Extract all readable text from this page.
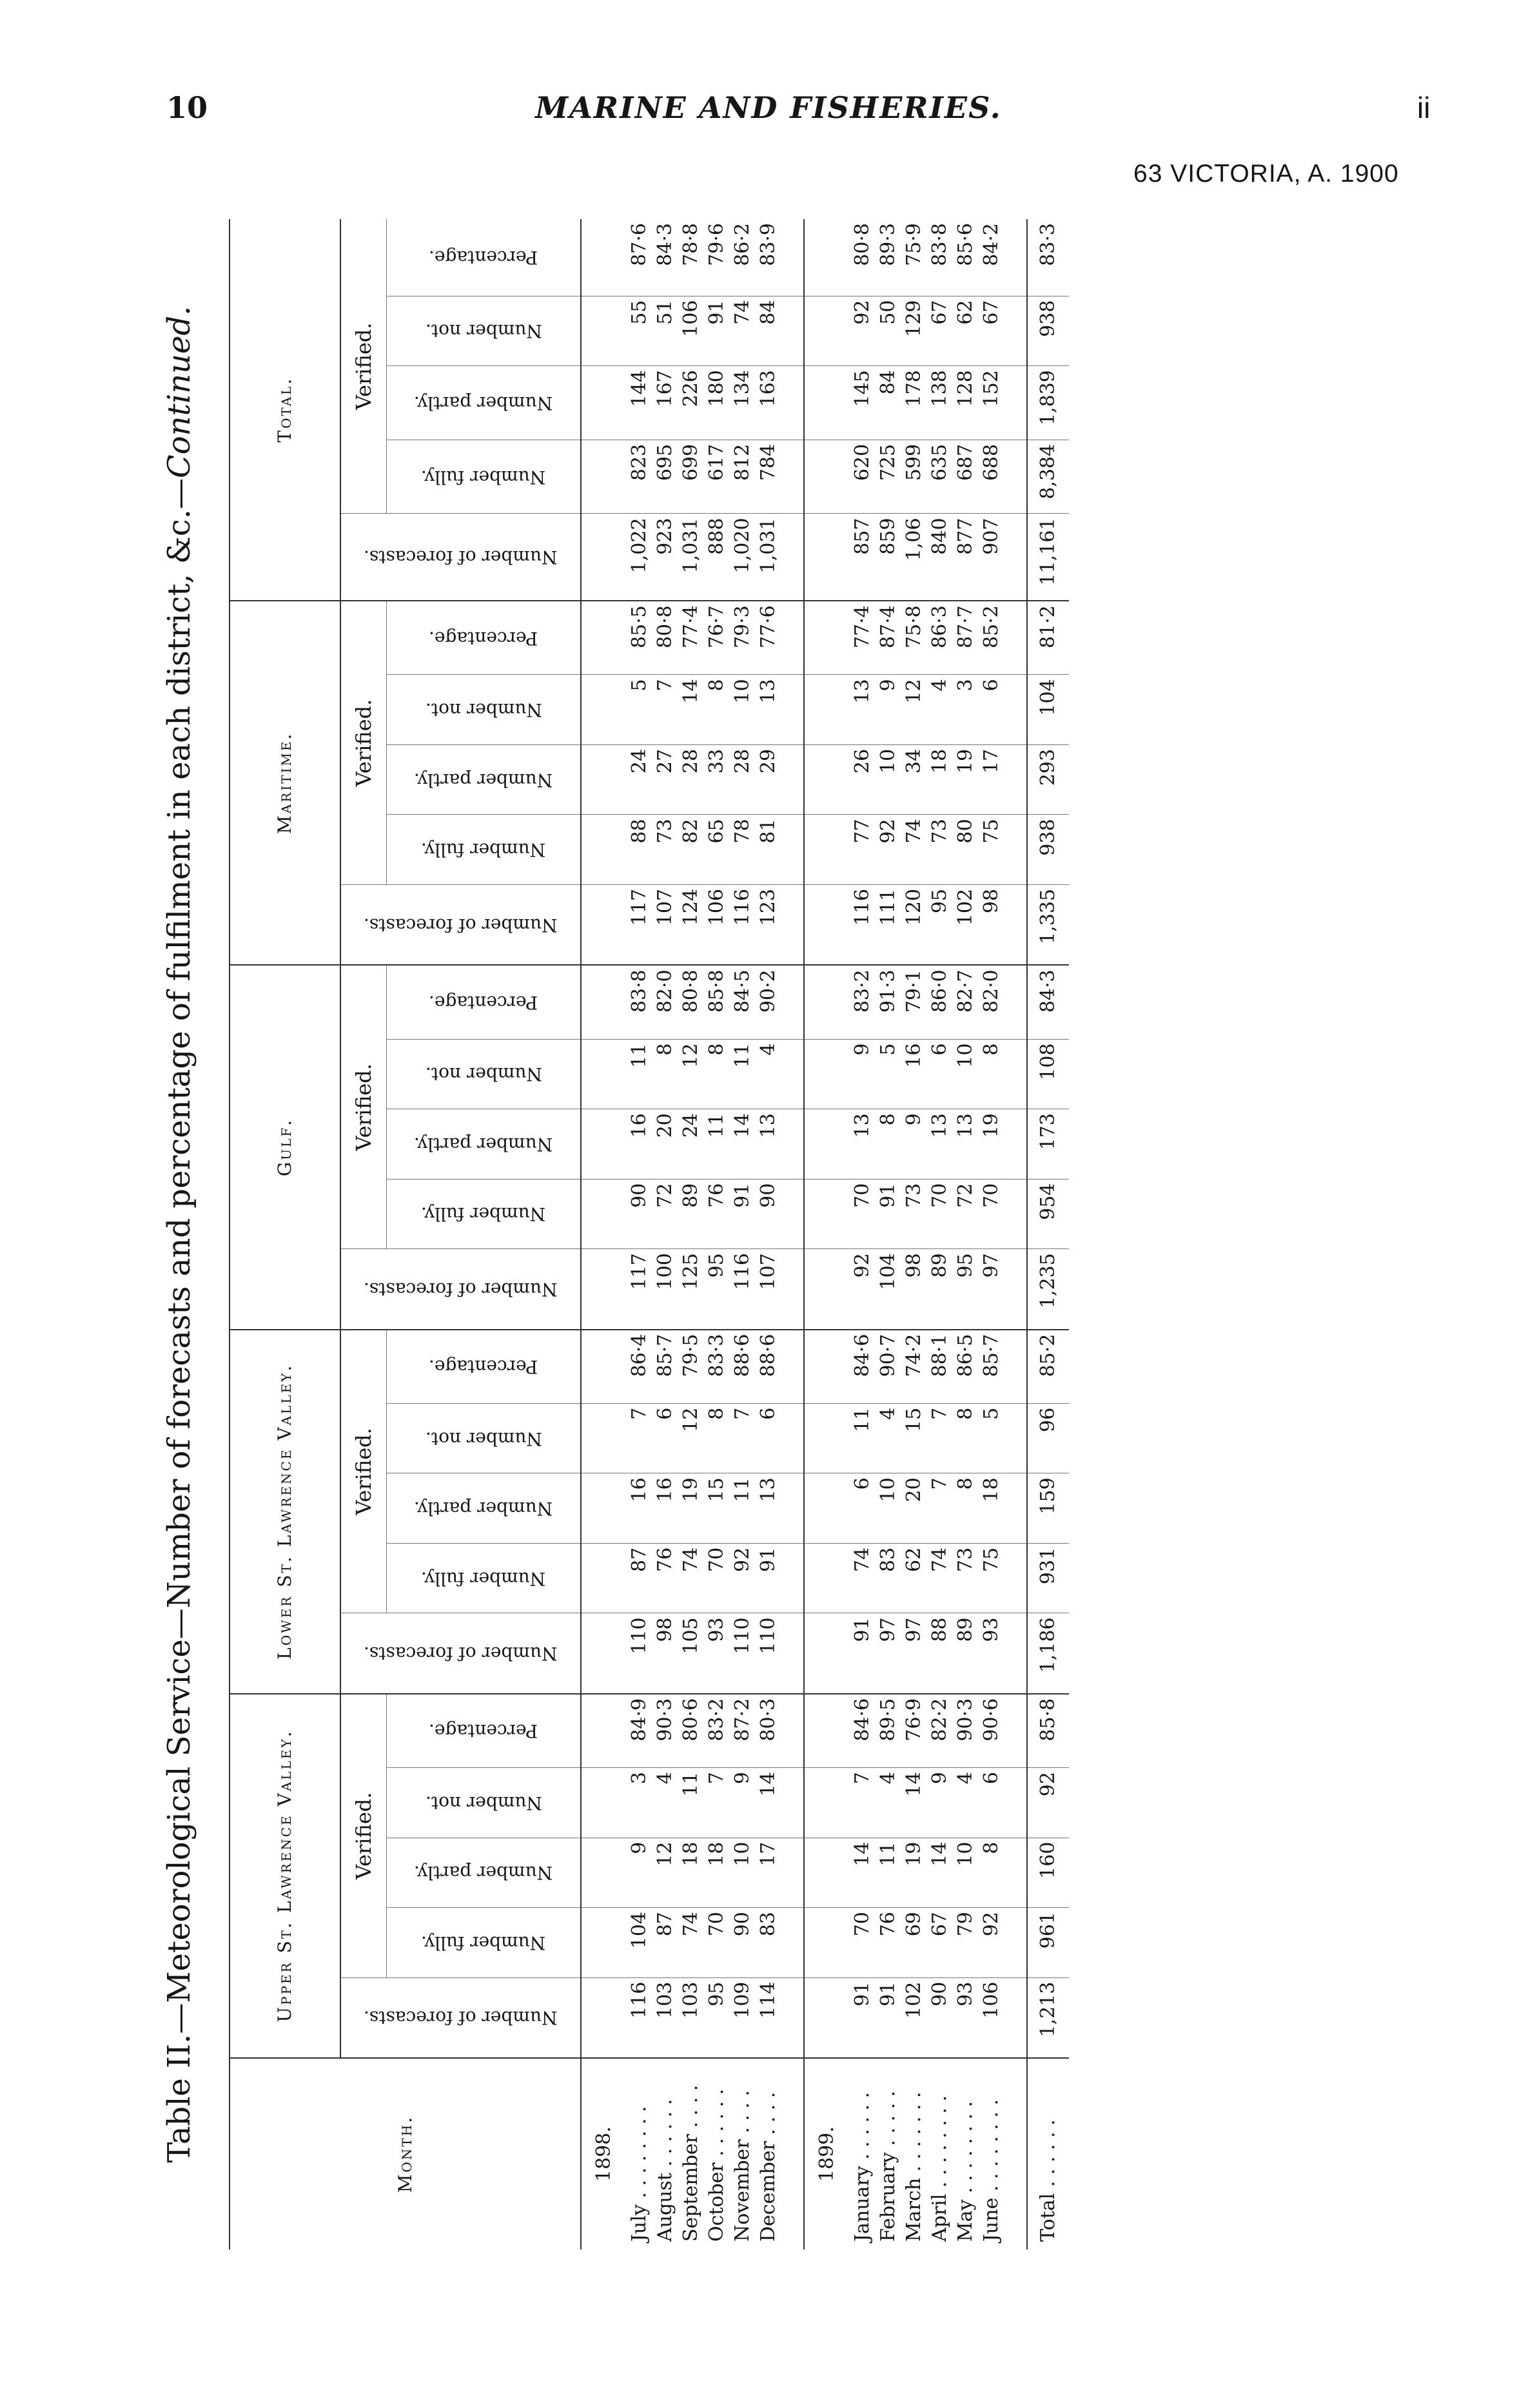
10	MARINE AND FISHERIES.	ii
63 VICTORIA, A. 1900
Table II.—Meteorological Service—Number of forecasts and percentage of fulfilment in each district, &c.—Continued.
Month.	Upper St. Lawrence Valley.					Lower St. Lawrence Valley.					Gulf.					Maritime.					Total.				

	Number of forecasts.	Verified.				Number of forecasts.	Verified.				Number of forecasts.	Verified.				Number of forecasts.	Verified.				Number of forecasts.	Verified.			

		Number fully.	Number partly.	Number not.	Percentage.		Number fully.	Number partly.	Number not.	Percentage.		Number fully.	Number partly.	Number not.	Percentage.		Number fully.	Number partly.	Number not.	Percentage.		Number fully.	Number partly.	Number not.	Percentage.

1898.																									
July . . . . . . . .	116	104	9	3	84·9	110	87	16	7	86·4	117	90	16	11	83·8	117	88	24	5	85·5	1,022	823	144	55	87·6
August . . . . . .	103	87	12	4	90·3	98	76	16	6	85·7	100	72	20	8	82·0	107	73	27	7	80·8	923	695	167	51	84·3
September . . . .	103	74	18	11	80·6	105	74	19	12	79·5	125	89	24	12	80·8	124	82	28	14	77·4	1,031	699	226	106	78·8
October . . . . . .	95	70	18	7	83·2	93	70	15	8	83·3	95	76	11	8	85·8	106	65	33	8	76·7	888	617	180	91	79·6
November . . . .	109	90	10	9	87·2	110	92	11	7	88·6	116	91	14	11	84·5	116	78	28	10	79·3	1,020	812	134	74	86·2
December . . . .	114	83	17	14	80·3	110	91	13	6	88·6	107	90	13	4	90·2	123	81	29	13	77·6	1,031	784	163	84	83·9

1899.																									
January . . . . . .	91	70	14	7	84·6	91	74	6	11	84·6	92	70	13	9	83·2	116	77	26	13	77·4	857	620	145	92	80·8
February . . . . .	91	76	11	4	89·5	97	83	10	4	90·7	104	91	8	5	91·3	111	92	10	9	87·4	859	725	84	50	89·3
March . . . . . . .	102	69	19	14	76·9	97	62	20	15	74·2	98	73	9	16	79·1	120	74	34	12	75·8	1,06	599	178	129	75·9
April . . . . . . . .	90	67	14	9	82·2	88	74	7	7	88·1	89	70	13	6	86·0	95	73	18	4	86·3	840	635	138	67	83·8
May . . . . . . . .	93	79	10	4	90·3	89	73	8	8	86·5	95	72	13	10	82·7	102	80	19	3	87·7	877	687	128	62	85·6
June . . . . . . . .	106	92	8	6	90·6	93	75	18	5	85·7	97	70	19	8	82·0	98	75	17	6	85·2	907	688	152	67	84·2

Total . . . . . .	1,213	961	160	92	85·8	1,186	931	159	96	85·2	1,235	954	173	108	84·3	1,335	938	293	104	81·2	11,161	8,384	1,839	938	83·3
